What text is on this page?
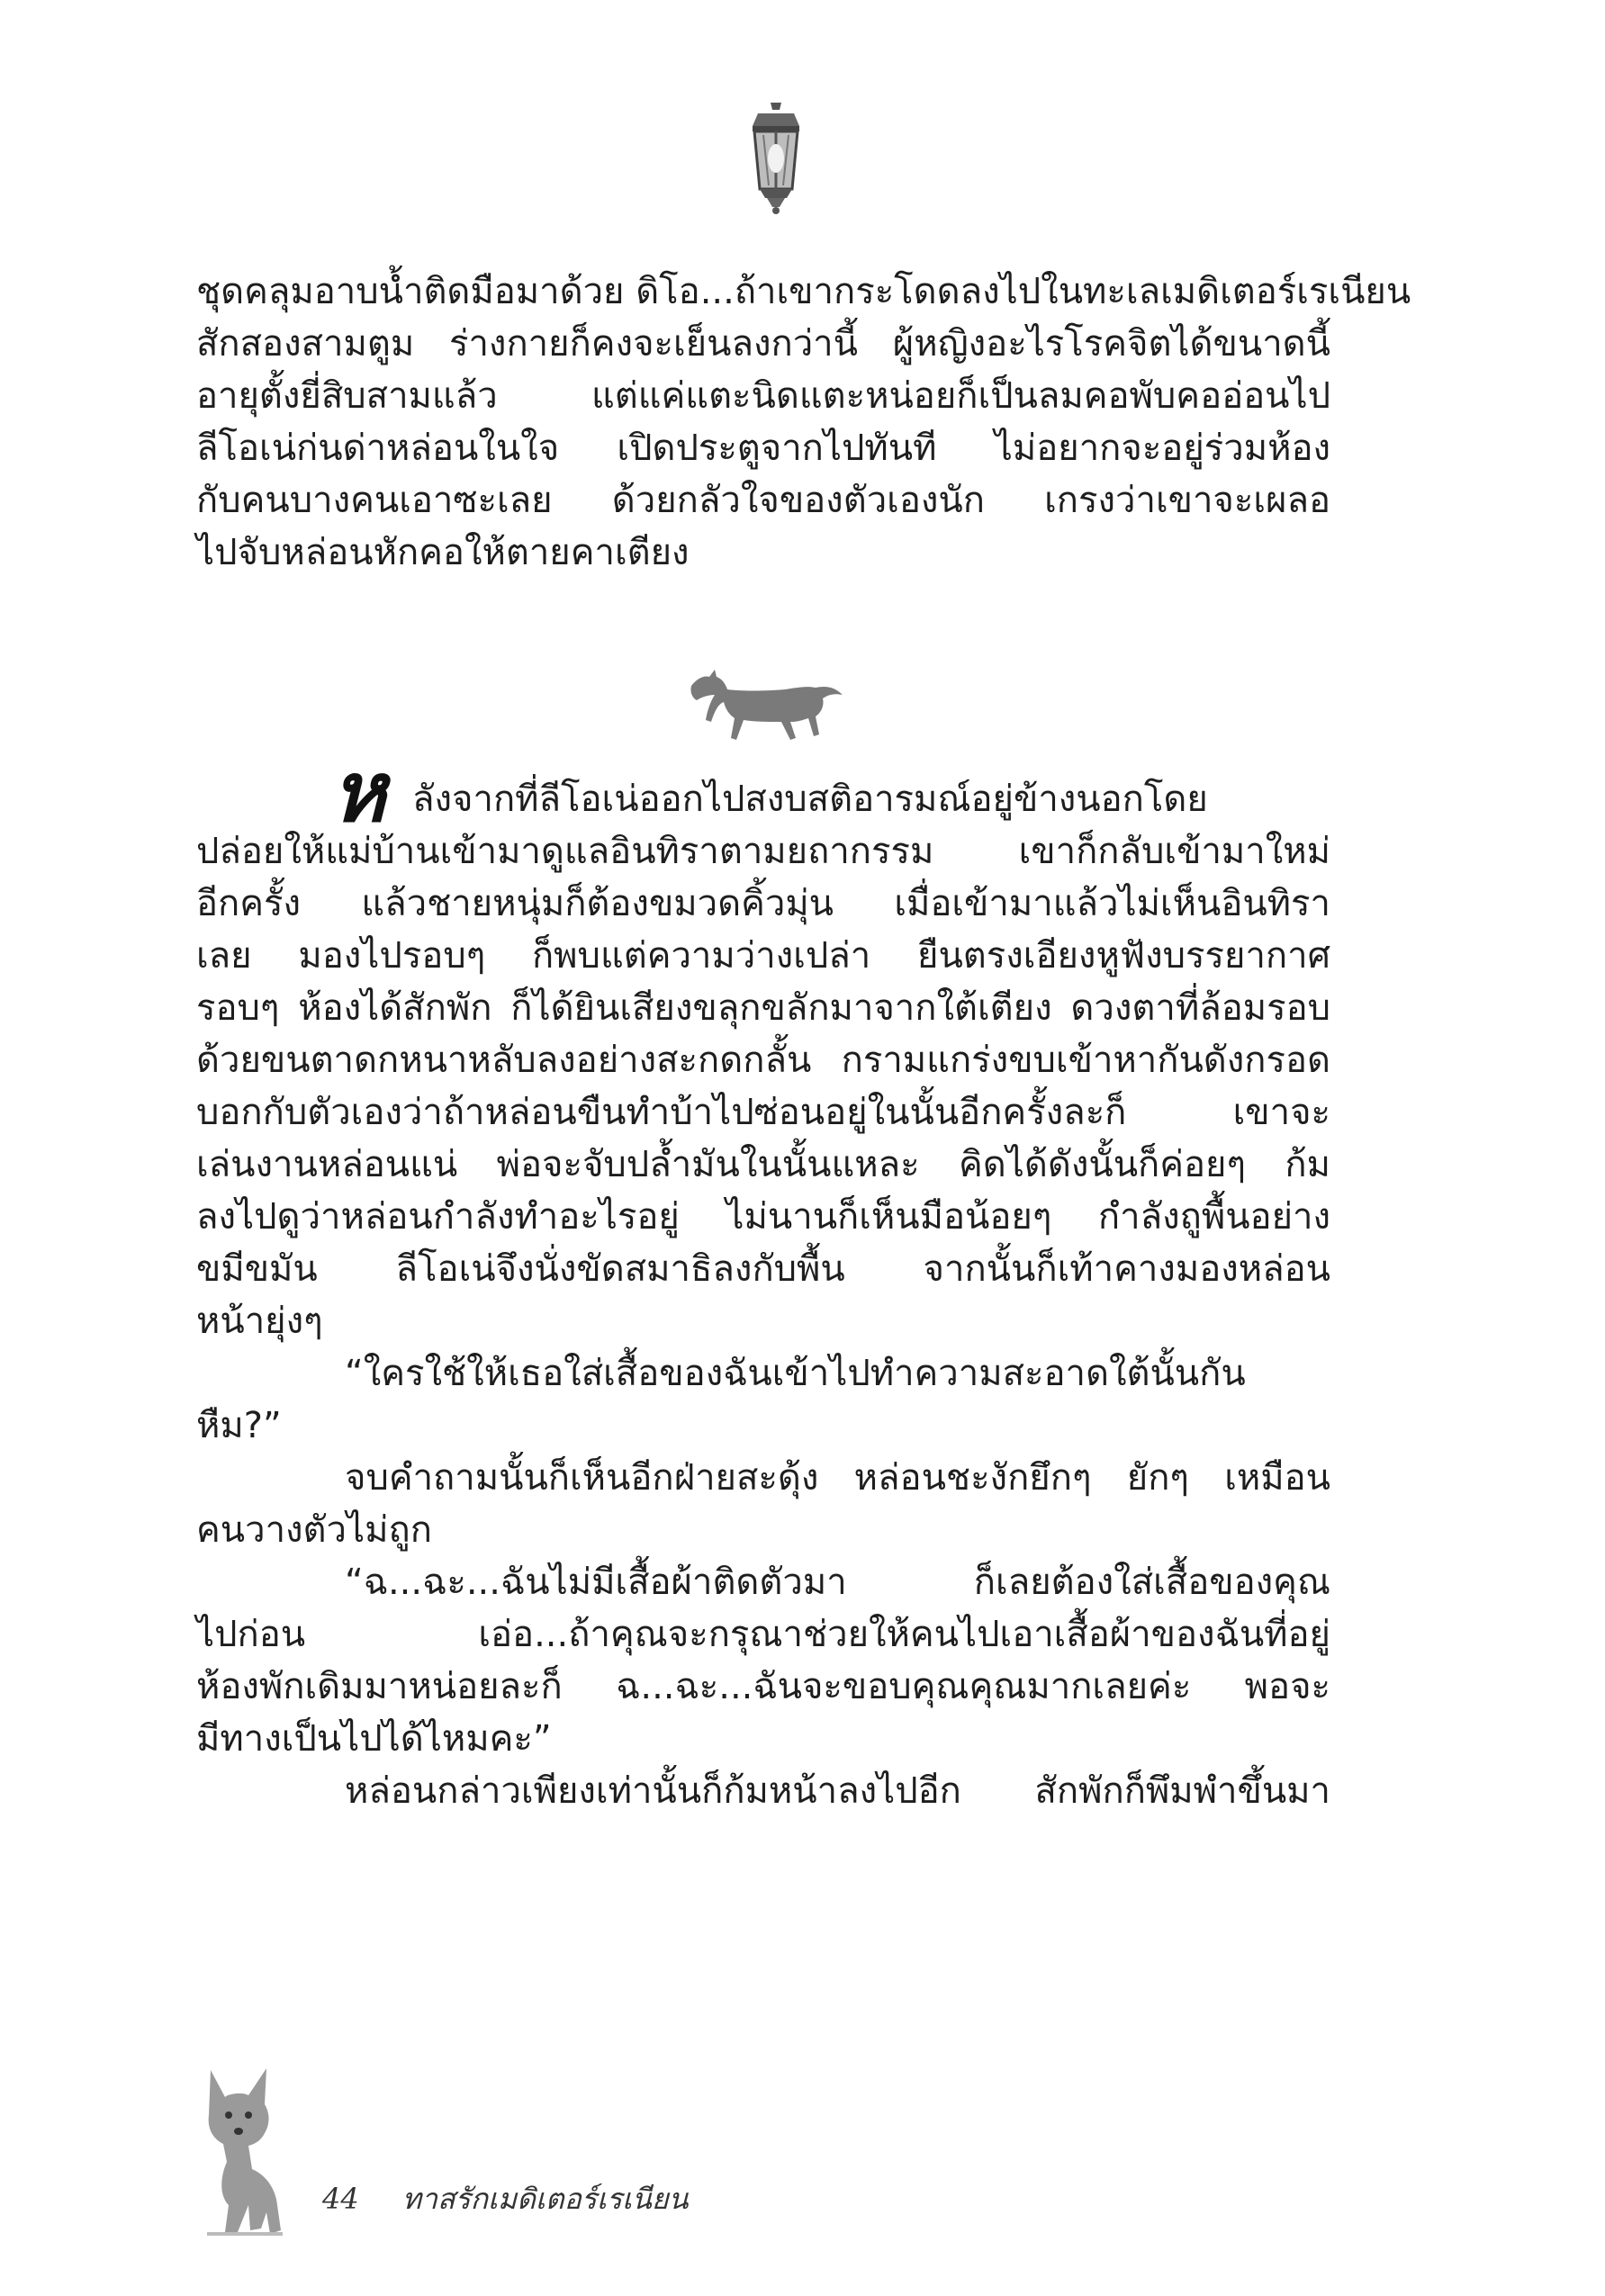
ชุดคลุมอาบน้ำติดมือมาด้วย ดิโอ...ถ้าเขากระโดดลงไปในทะเลเมดิเตอร์เรเนียน
สักสองสามตูม ร่างกายก็คงจะเย็นลงกว่านี้ ผู้หญิงอะไรโรคจิตได้ขนาดนี้
อายุตั้งยี่สิบสามแล้ว แต่แค่แตะนิดแตะหน่อยก็เป็นลมคอพับคออ่อนไป
ลีโอเน่ก่นด่าหล่อนในใจ เปิดประตูจากไปทันที ไม่อยากจะอยู่ร่วมห้อง
กับคนบางคนเอาซะเลย ด้วยกลัวใจของตัวเองนัก เกรงว่าเขาจะเผลอ
ไปจับหล่อนหักคอให้ตายคาเตียง
ห ลังจากที่ลีโอเน่ออกไปสงบสติอารมณ์อยู่ข้างนอกโดย
ปล่อยให้แม่บ้านเข้ามาดูแลอินทิราตามยถากรรม เขาก็กลับเข้ามาใหม่
อีกครั้ง แล้วชายหนุ่มก็ต้องขมวดคิ้วมุ่น เมื่อเข้ามาแล้วไม่เห็นอินทิรา
เลย มองไปรอบๆ ก็พบแต่ความว่างเปล่า ยืนตรงเอียงหูฟังบรรยากาศ
รอบๆ ห้องได้สักพัก ก็ได้ยินเสียงขลุกขลักมาจากใต้เตียง ดวงตาที่ล้อมรอบ
ด้วยขนตาดกหนาหลับลงอย่างสะกดกลั้น กรามแกร่งขบเข้าหากันดังกรอด
บอกกับตัวเองว่าถ้าหล่อนขืนทำบ้าไปซ่อนอยู่ในนั้นอีกครั้งละก็ เขาจะ
เล่นงานหล่อนแน่ พ่อจะจับปล้ำมันในนั้นแหละ คิดได้ดังนั้นก็ค่อยๆ ก้ม
ลงไปดูว่าหล่อนกำลังทำอะไรอยู่ ไม่นานก็เห็นมือน้อยๆ กำลังถูพื้นอย่าง
ขมีขมัน ลีโอเน่จึงนั่งขัดสมาธิลงกับพื้น จากนั้นก็เท้าคางมองหล่อน
หน้ายุ่งๆ
“ใครใช้ให้เธอใส่เสื้อของฉันเข้าไปทำความสะอาดใต้นั้นกัน
หืม?”
จบคำถามนั้นก็เห็นอีกฝ่ายสะดุ้ง หล่อนชะงักยึกๆ ยักๆ เหมือน
คนวางตัวไม่ถูก
“ฉ...ฉะ...ฉันไม่มีเสื้อผ้าติดตัวมา ก็เลยต้องใส่เสื้อของคุณ
ไปก่อน เอ่อ...ถ้าคุณจะกรุณาช่วยให้คนไปเอาเสื้อผ้าของฉันที่อยู่
ห้องพักเดิมมาหน่อยละก็ ฉ...ฉะ...ฉันจะขอบคุณคุณมากเลยค่ะ พอจะ
มีทางเป็นไปได้ไหมคะ”
หล่อนกล่าวเพียงเท่านั้นก็ก้มหน้าลงไปอีก สักพักก็พึมพำขึ้นมา
44 ทาสรักเมดิเตอร์เรเนียน
